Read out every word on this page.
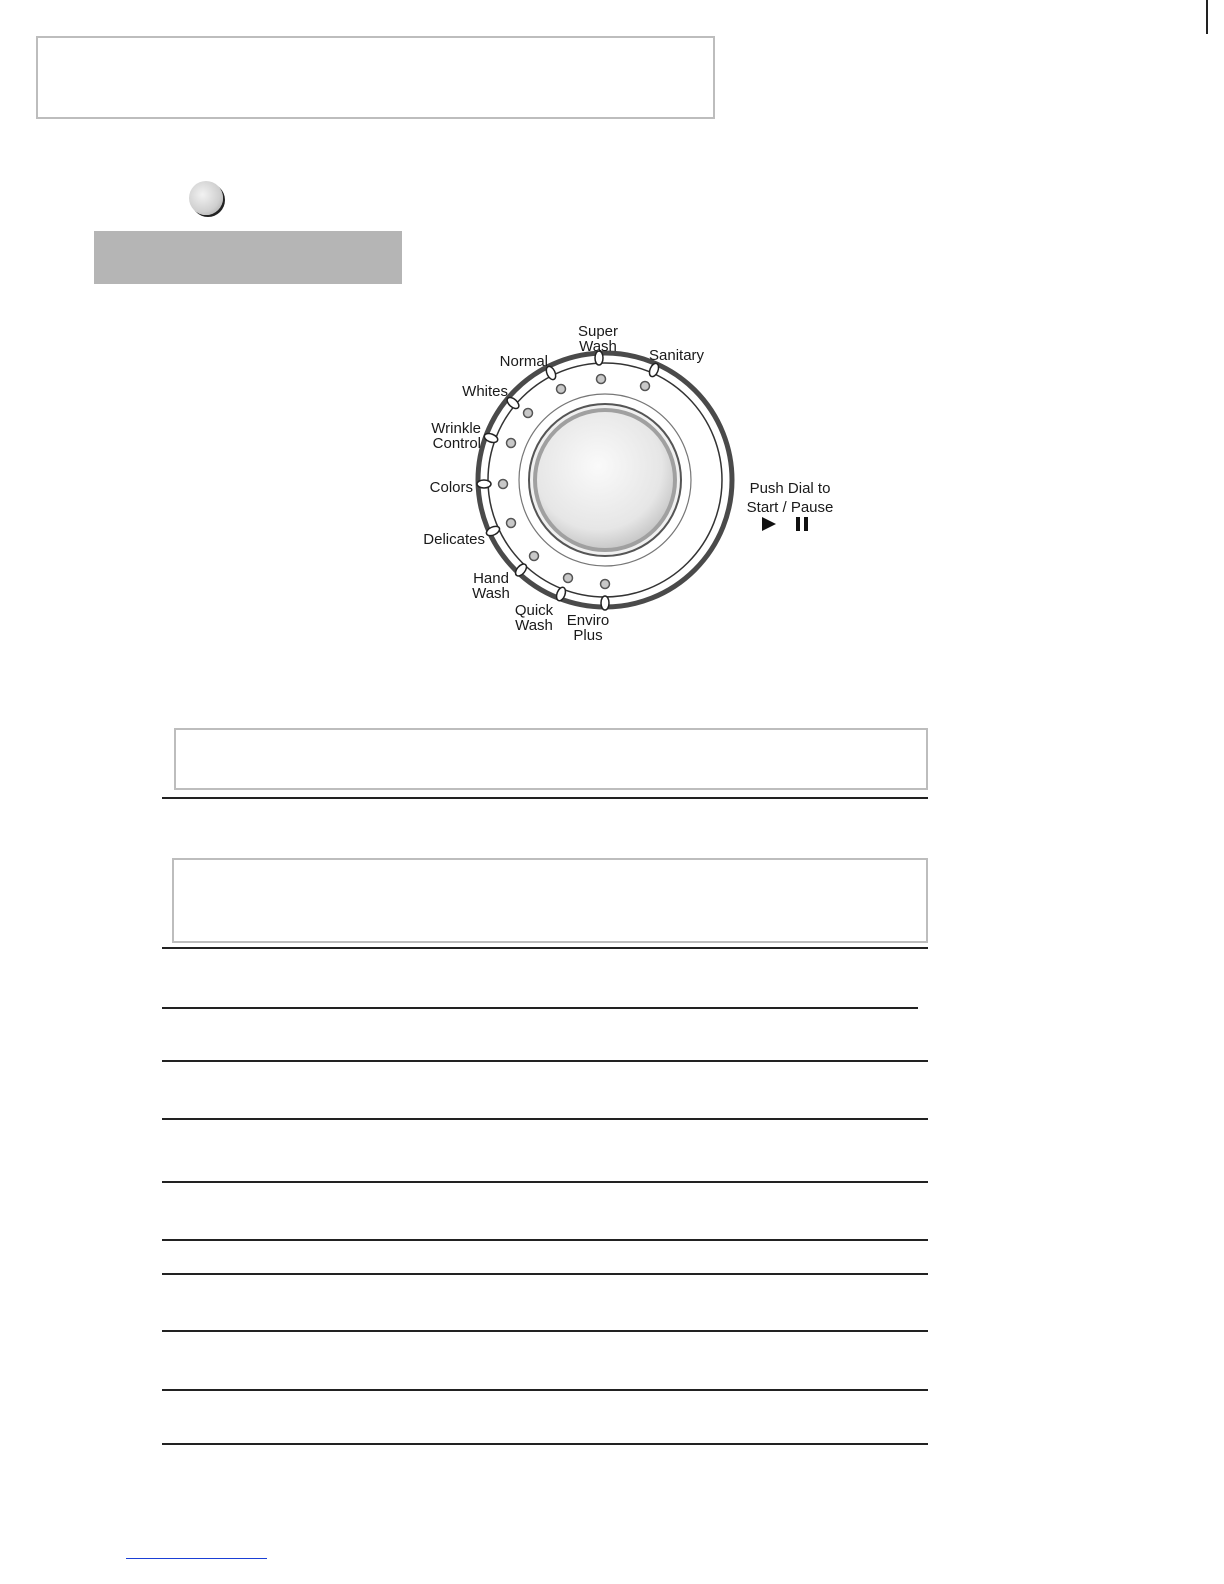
Super
Wash
Sanitary
Normal
Whites
Wrinkle
Control
Colors
Delicates
Hand
Wash
Quick
Wash Enviro
Plus
Push Dial to
Start / Pause
